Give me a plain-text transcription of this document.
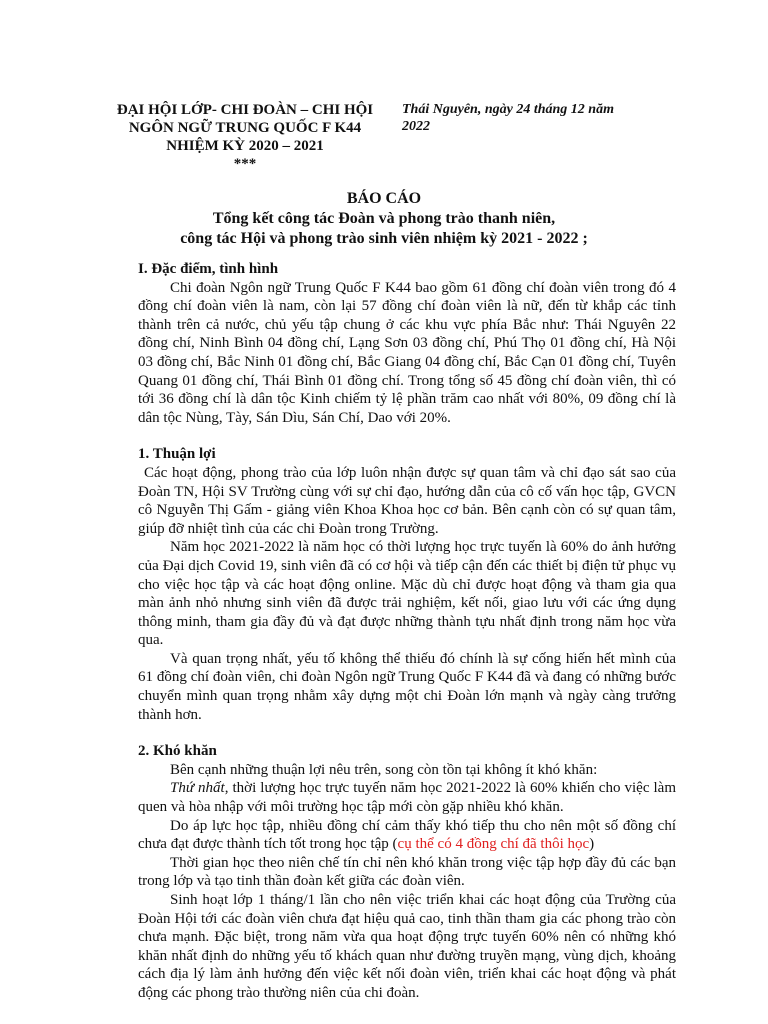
ĐẠI HỘI LỚP- CHI ĐOÀN – CHI HỘI
NGÔN NGỮ TRUNG QUỐC F K44
NHIỆM KỲ 2020 – 2021
***
Thái Nguyên, ngày 24 tháng 12 năm
2022
BÁO CÁO
Tổng kết công tác Đoàn và phong trào thanh niên,
công tác Hội và phong trào sinh viên nhiệm kỳ 2021 - 2022 ;

I. Đặc điểm, tình hình

Chi đoàn Ngôn ngữ Trung Quốc F K44 bao gồm 61 đồng chí đoàn viên trong đó 4 đồng chí đoàn viên là nam, còn lại 57 đồng chí đoàn viên là nữ, đến từ khắp các tỉnh thành trên cả nước, chủ yếu tập chung ở các khu vực phía Bắc như: Thái Nguyên 22 đồng chí, Ninh Bình 04 đồng chí, Lạng Sơn 03 đồng chí, Phú Thọ 01 đồng chí, Hà Nội 03 đồng chí, Bắc Ninh 01 đồng chí, Bắc Giang 04 đồng chí, Bắc Cạn 01 đồng chí, Tuyên Quang 01 đồng chí, Thái Bình 01 đồng chí. Trong tổng số 45 đồng chí đoàn viên, thì có tới 36 đồng chí là dân tộc Kinh chiếm tỷ lệ phần trăm cao nhất với 80%, 09 đồng chí là dân tộc Nùng, Tày, Sán Dìu, Sán Chí, Dao với 20%.

1. Thuận lợi

Các hoạt động, phong trào của lớp luôn nhận được sự quan tâm và chỉ đạo sát sao của Đoàn TN, Hội SV Trường cùng với sự chỉ đạo, hướng dẫn của cô cố vấn học tập, GVCN cô Nguyễn Thị Gấm - giảng viên Khoa Khoa học cơ bản. Bên cạnh còn có sự quan tâm, giúp đỡ nhiệt tình của các chi Đoàn trong Trường.

Năm học 2021-2022 là năm học có thời lượng học trực tuyến là 60% do ảnh hưởng của Đại dịch Covid 19, sinh viên đã có cơ hội và tiếp cận đến các thiết bị điện tử phục vụ cho việc học tập và các hoạt động online. Mặc dù chỉ được hoạt động và tham gia qua màn ảnh nhỏ nhưng sinh viên đã được trải nghiệm, kết nối, giao lưu với các ứng dụng thông minh, tham gia đầy đủ và đạt được những thành tựu nhất định trong năm học vừa qua.

Và quan trọng nhất, yếu tố không thể thiếu đó chính là sự cống hiến hết mình của 61 đồng chí đoàn viên, chi đoàn Ngôn ngữ Trung Quốc F K44 đã và đang có những bước chuyển mình quan trọng nhằm xây dựng một chi Đoàn lớn mạnh và ngày càng trưởng thành hơn.

2. Khó khăn

Bên cạnh những thuận lợi nêu trên, song còn tồn tại không ít khó khăn:

Thứ nhất, thời lượng học trực tuyến năm học 2021-2022 là 60% khiến cho việc làm quen và hòa nhập với môi trường học tập mới còn gặp nhiều khó khăn.

Do áp lực học tập, nhiều đồng chí cảm thấy khó tiếp thu cho nên một số đồng chí chưa đạt được thành tích tốt trong học tập (cụ thể có 4 đồng chí đã thôi học)

Thời gian học theo niên chế tín chỉ nên khó khăn trong việc tập hợp đầy đủ các bạn trong lớp và tạo tinh thần đoàn kết giữa các đoàn viên.

Sinh hoạt lớp 1 tháng/1 lần cho nên việc triển khai các hoạt động của Trường của Đoàn Hội tới các đoàn viên chưa đạt hiệu quả cao, tinh thần tham gia các phong trào còn chưa mạnh. Đặc biệt, trong năm vừa qua hoạt động trực tuyến 60% nên có những khó khăn nhất định do những yếu tố khách quan như đường truyền mạng, vùng dịch, khoảng cách địa lý làm ảnh hưởng đến việc kết nối đoàn viên, triển khai các hoạt động và phát động các phong trào thường niên của chi đoàn.
